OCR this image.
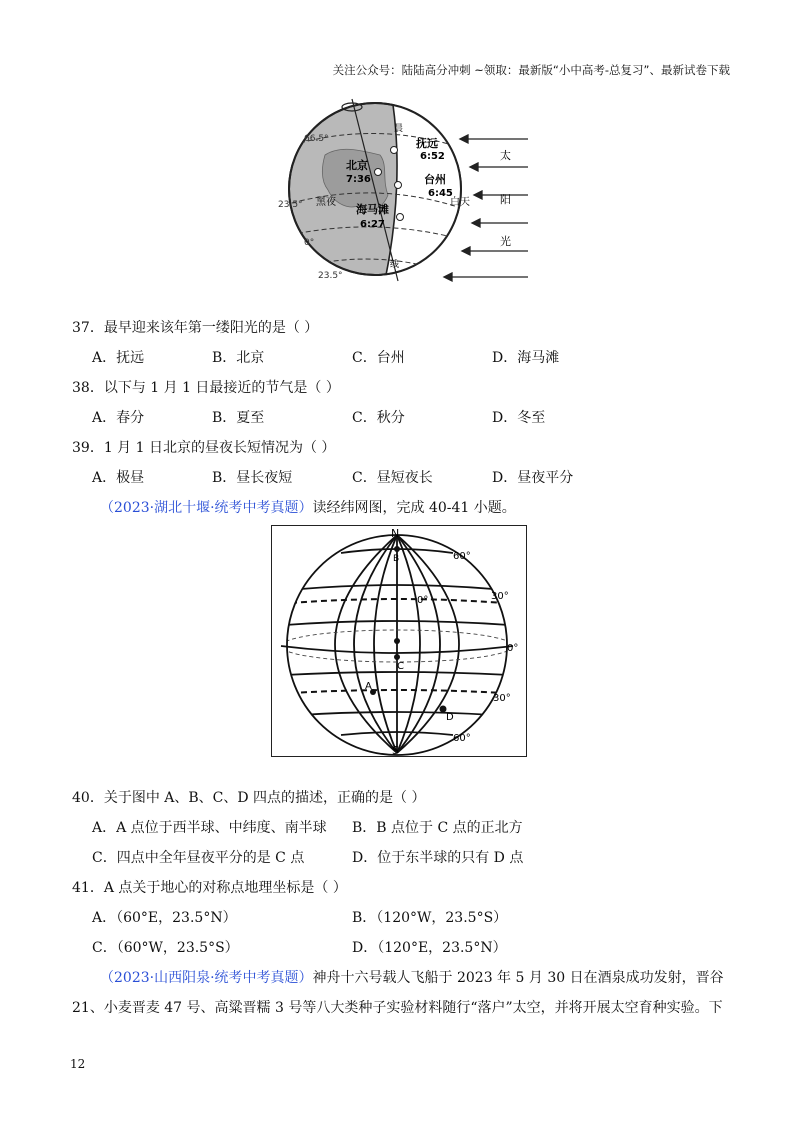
关注公众号：陆陆高分冲刺 ~领取：最新版“小中高考-总复习”、最新试卷下载
66.5°
23.5°
0°
23.5°
抚远
6:52
北京
7:36	台州
6:45
海马滩
6:27
黑夜	白天
晨
线
太
阳
光
37．最早迎来该年第一缕阳光的是（ ）
A．抚远	B．北京	C．台州	D．海马滩
38．以下与 1 月 1 日最接近的节气是（ ）
A．春分	B．夏至	C．秋分	D．冬至
39．1 月 1 日北京的昼夜长短情况为（ ）
A．极昼	B．昼长夜短	C．昼短夜长	D．昼夜平分
（2023·湖北十堰·统考中考真题）读经纬网图，完成 40-41 小题。
N
S
A
B
C
D
60°
30°
0°
0°
30°
60°
40．关于图中 A、B、C、D 四点的描述，正确的是（ ）
A．A 点位于西半球、中纬度、南半球 B．B 点位于 C 点的正北方
C．四点中全年昼夜平分的是 C 点	D．位于东半球的只有 D 点
41．A 点关于地心的对称点地理坐标是（ ）
A．（60°E，23.5°N）	B．（120°W，23.5°S）
C．（60°W，23.5°S）	D．（120°E，23.5°N）
（2023·山西阳泉·统考中考真题）神舟十六号载人飞船于 2023 年 5 月 30 日在酒泉成功发射，晋谷
21、小麦晋麦 47 号、高粱晋糯 3 号等八大类种子实验材料随行“落户”太空，并将开展太空育种实验。下
12
